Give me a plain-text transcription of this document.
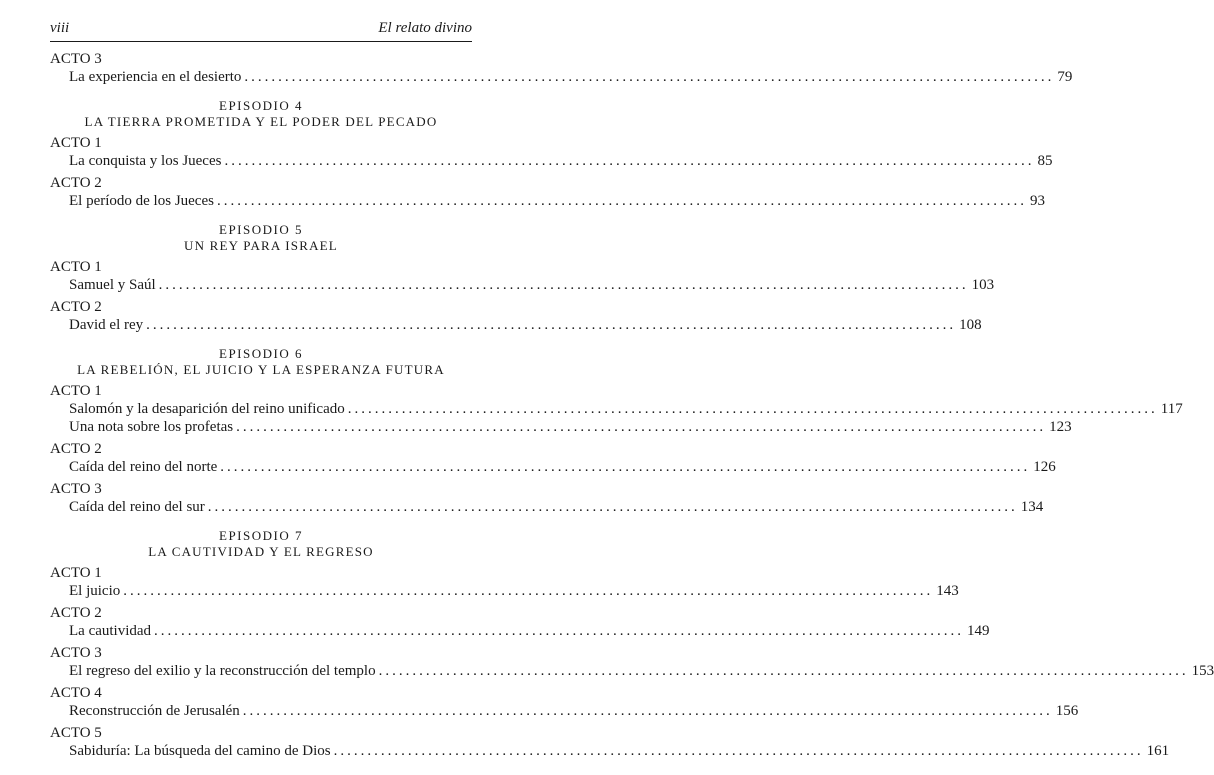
viii	El relato divino
ACTO 3
La experiencia en el desierto ........................................................................................................................ 79
EPISODIO 4
LA TIERRA PROMETIDA Y EL PODER DEL PECADO
ACTO 1
La conquista y los Jueces ........................................................................................................................ 85
ACTO 2
El período de los Jueces ........................................................................................................................ 93
EPISODIO 5
UN REY PARA ISRAEL
ACTO 1
Samuel y Saúl ........................................................................................................................ 103
ACTO 2
David el rey ........................................................................................................................ 108
EPISODIO 6
LA REBELIÓN, EL JUICIO Y LA ESPERANZA FUTURA
ACTO 1
Salomón y la desaparición del reino unificado ........................................................................................................................ 117
Una nota sobre los profetas ........................................................................................................................ 123
ACTO 2
Caída del reino del norte ........................................................................................................................ 126
ACTO 3
Caída del reino del sur ........................................................................................................................ 134
EPISODIO 7
LA CAUTIVIDAD Y EL REGRESO
ACTO 1
El juicio ........................................................................................................................ 143
ACTO 2
La cautividad ........................................................................................................................ 149
ACTO 3
El regreso del exilio y la reconstrucción del templo ........................................................................................................................ 153
ACTO 4
Reconstrucción de Jerusalén ........................................................................................................................ 156
ACTO 5
Sabiduría: La búsqueda del camino de Dios ........................................................................................................................ 161
